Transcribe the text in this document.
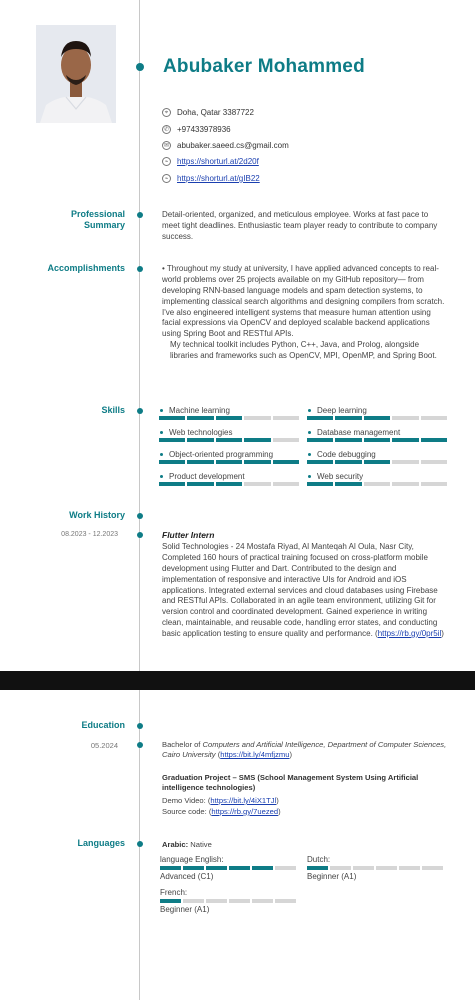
Abubaker Mohammed
⌖	Doha, Qatar 3387722
✆ +97433978936
✉ abubaker.saeed.cs@gmail.com
⌁	https://shorturl.at/2d20f
⌁	https://shorturl.at/gIB22
Professional Summary
Detail-oriented, organized, and meticulous employee. Works at fast pace to meet tight deadlines. Enthusiastic team player ready to contribute to company success.
Accomplishments	• Throughout my study at university, I have applied advanced concepts to real-world problems over 25 projects available on my GitHub repository— from developing RNN-based language models and spam detection systems, to implementing classical search algorithms and designing compilers from scratch. I've also engineered intelligent systems that measure human attention using facial expressions via OpenCV and deployed scalable backend applications using Spring Boot and RESTful APIs.
My technical toolkit includes Python, C++, Java, and Prolog, alongside libraries and frameworks such as OpenCV, MPI, OpenMP, and Spring Boot.
Skills
Work History
08.2023 - 12.2023	Flutter Intern
Solid Technologies - 24 Mostafa Riyad, Al Manteqah Al Oula, Nasr City, Completed 160 hours of practical training focused on cross-platform mobile development using Flutter and Dart. Contributed to the design and implementation of responsive and interactive UIs for Android and iOS applications. Integrated external services and cloud databases using Firebase and RESTful APIs. Collaborated in an agile team environment, utilizing Git for version control and coordinated development. Gained experience in writing clean, maintainable, and reusable code, handling error states, and conducting basic application testing to ensure quality and performance. (https://rb.gy/0pr5il)
Machine learning	Deep learning
Web technologies	Database management
Object-oriented programming	Code debugging
Product development	Web security
Education
05.2024	Bachelor of Computers and Artificial Intelligence, Department of Computer Sciences, Cairo University (https://bit.ly/4mfjzmu)
Graduation Project – SMS (School Management System Using Artificial intelligence technologies)
Demo Video: (https://bit.ly/4iX1TJl)
Source code: (https://rb.gy/7uezed)
Languages	Arabic: Native
language English:
Advanced (C1)
Dutch:
Beginner (A1)
French:
Beginner (A1)
